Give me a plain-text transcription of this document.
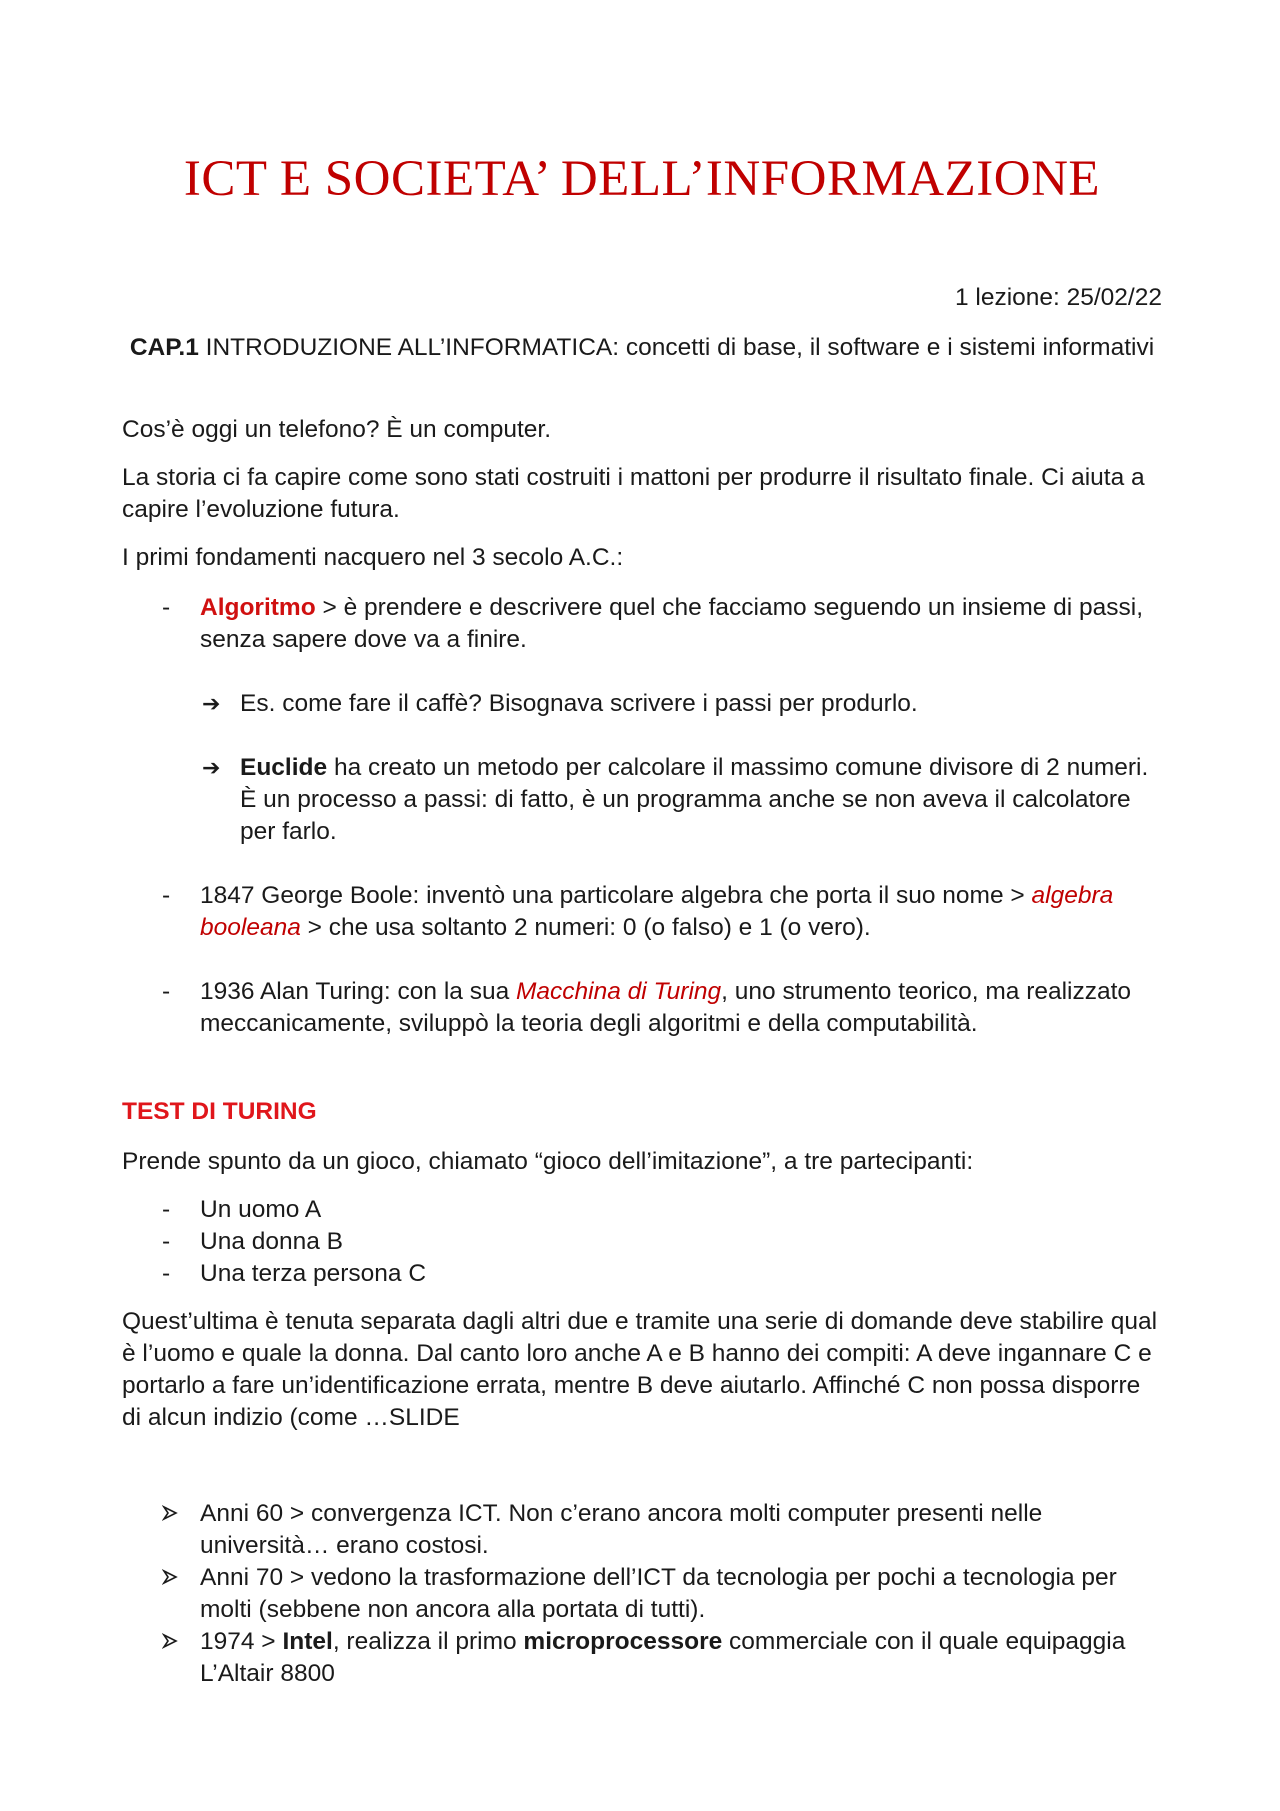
ICT E SOCIETA’ DELL’INFORMAZIONE

1 lezione: 25/02/22

CAP.1 INTRODUZIONE ALL’INFORMATICA: concetti di base, il software e i sistemi informativi

Cos’è oggi un telefono? È un computer.

La storia ci fa capire come sono stati costruiti i mattoni per produrre il risultato finale. Ci aiuta a capire l’evoluzione futura.

I primi fondamenti nacquero nel 3 secolo A.C.:

- Algoritmo > è prendere e descrivere quel che facciamo seguendo un insieme di passi, senza sapere dove va a finire.
➔ Es. come fare il caffè? Bisognava scrivere i passi per produrlo.
➔ Euclide ha creato un metodo per calcolare il massimo comune divisore di 2 numeri. È un processo a passi: di fatto, è un programma anche se non aveva il calcolatore per farlo.
- 1847 George Boole: inventò una particolare algebra che porta il suo nome > algebra booleana > che usa soltanto 2 numeri: 0 (o falso) e 1 (o vero).
- 1936 Alan Turing: con la sua Macchina di Turing, uno strumento teorico, ma realizzato meccanicamente, sviluppò la teoria degli algoritmi e della computabilità.
TEST DI TURING

Prende spunto da un gioco, chiamato “gioco dell’imitazione”, a tre partecipanti:

- Un uomo A
- Una donna B
- Una terza persona C

Quest’ultima è tenuta separata dagli altri due e tramite una serie di domande deve stabilire qual è l’uomo e quale la donna. Dal canto loro anche A e B hanno dei compiti: A deve ingannare C e portarlo a fare un’identificazione errata, mentre B deve aiutarlo. Affinché C non possa disporre di alcun indizio (come …SLIDE

Anni 60 > convergenza ICT. Non c’erano ancora molti computer presenti nelle università… erano costosi.
Anni 70 > vedono la trasformazione dell’ICT da tecnologia per pochi a tecnologia per molti (sebbene non ancora alla portata di tutti).
1974 > Intel, realizza il primo microprocessore commerciale con il quale equipaggia L’Altair 8800
